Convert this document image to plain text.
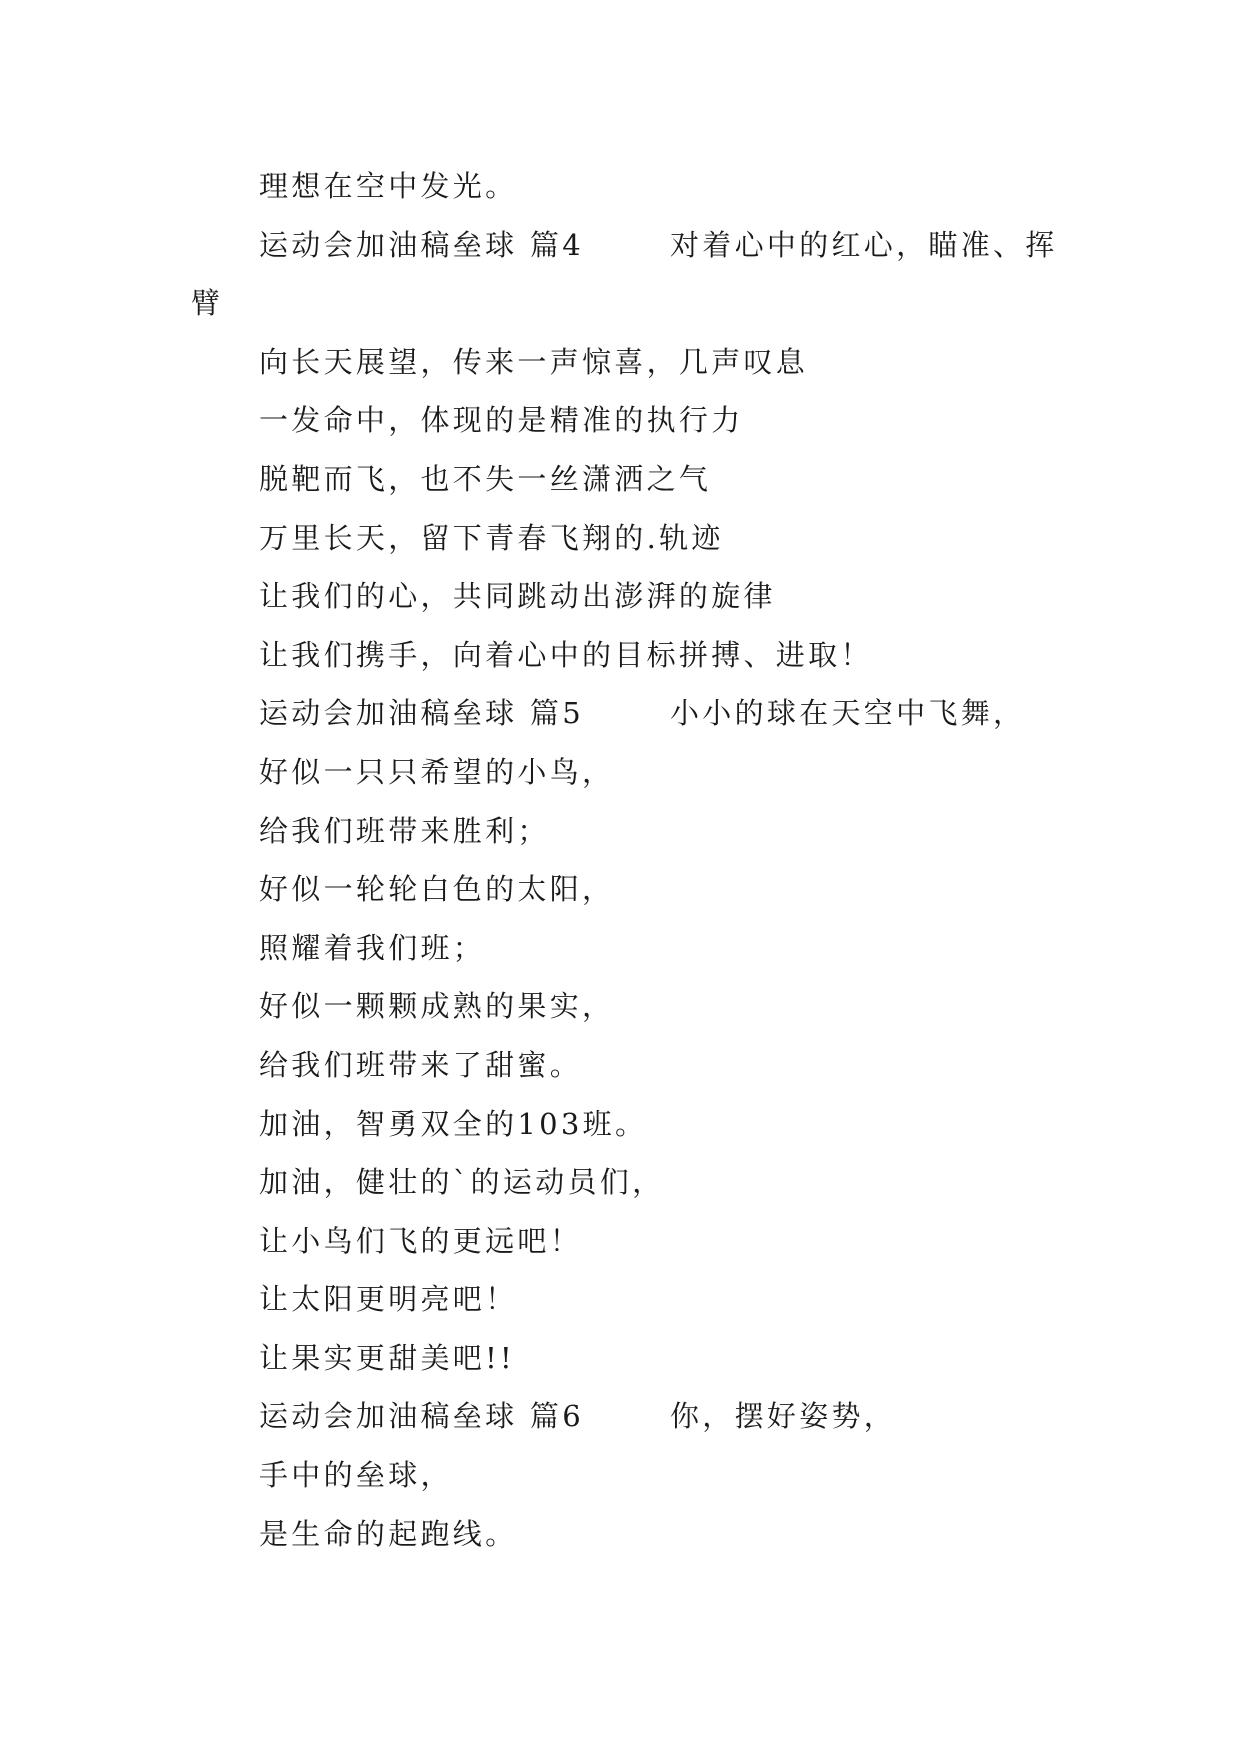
理想在空中发光。
运动会加油稿垒球 篇4	对着心中的红心，瞄准、挥
臂
向长天展望，传来一声惊喜，几声叹息
一发命中，体现的是精准的执行力
脱靶而飞，也不失一丝潇洒之气
万里长天，留下青春飞翔的.轨迹
让我们的心，共同跳动出澎湃的旋律
让我们携手，向着心中的目标拼搏、进取！
运动会加油稿垒球 篇5	小小的球在天空中飞舞，
好似一只只希望的小鸟，
给我们班带来胜利；
好似一轮轮白色的太阳，
照耀着我们班；
好似一颗颗成熟的果实，
给我们班带来了甜蜜。
加油，智勇双全的103班。
加油，健壮的`的运动员们，
让小鸟们飞的更远吧！
让太阳更明亮吧！
让果实更甜美吧!!
运动会加油稿垒球 篇6	你，摆好姿势，
手中的垒球，
是生命的起跑线。
